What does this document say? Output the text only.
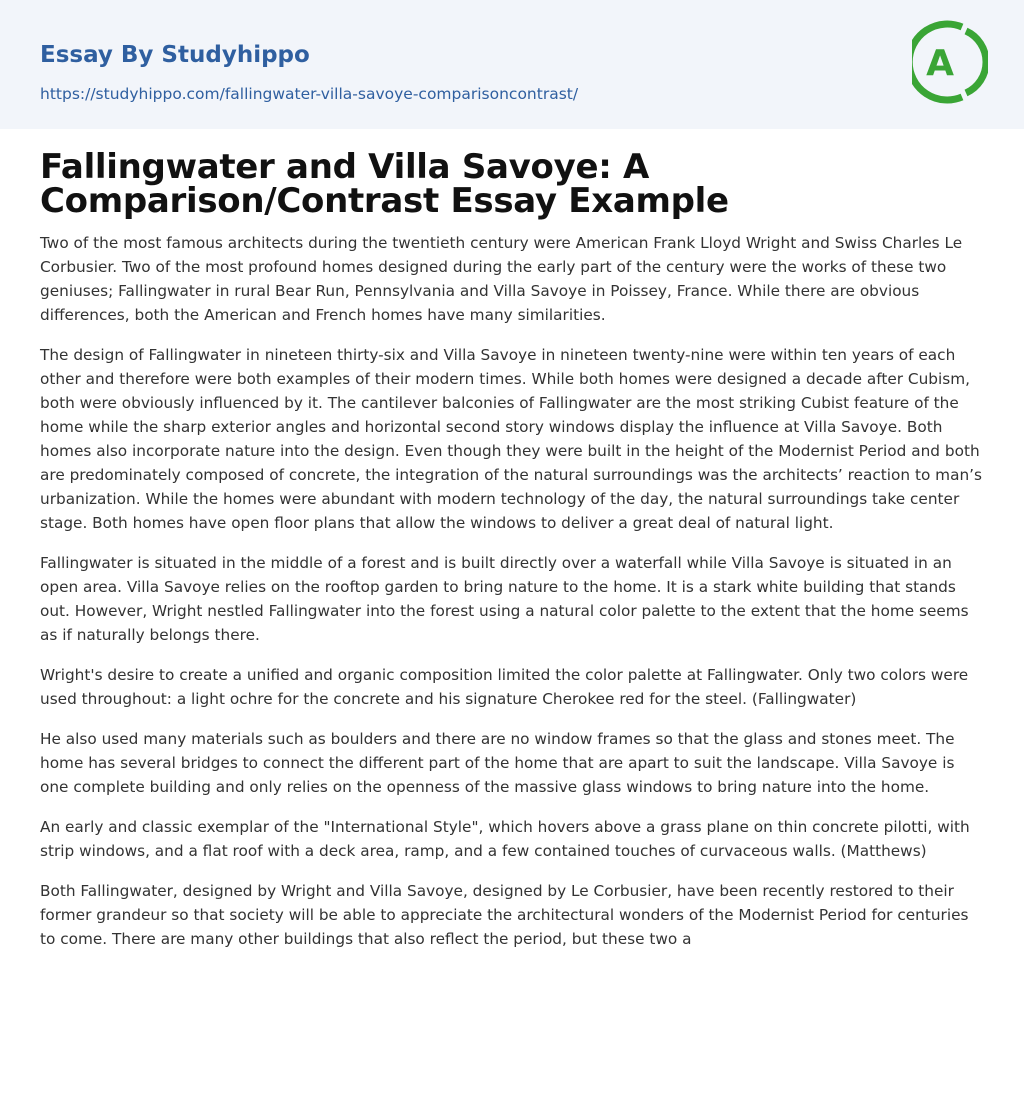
Essay By Studyhippo
https://studyhippo.com/fallingwater-villa-savoye-comparisoncontrast/
A
Fallingwater and Villa Savoye: A Comparison/Contrast Essay Example

Two of the most famous architects during the twentieth century were American Frank Lloyd Wright and Swiss Charles Le Corbusier. Two of the most profound homes designed during the early part of the century were the works of these two geniuses; Fallingwater in rural Bear Run, Pennsylvania and Villa Savoye in Poissey, France. While there are obvious differences, both the American and French homes have many similarities.

The design of Fallingwater in nineteen thirty-six and Villa Savoye in nineteen twenty-nine were within ten years of each other and therefore were both examples of their modern times. While both homes were designed a decade after Cubism, both were obviously influenced by it. The cantilever balconies of Fallingwater are the most striking Cubist feature of the home while the sharp exterior angles and horizontal second story windows display the influence at Villa Savoye. Both homes also incorporate nature into the design. Even though they were built in the height of the Modernist Period and both are predominately composed of concrete, the integration of the natural surroundings was the architects’ reaction to man’s urbanization. While the homes were abundant with modern technology of the day, the natural surroundings take center stage. Both homes have open floor plans that allow the windows to deliver a great deal of natural light.

Fallingwater is situated in the middle of a forest and is built directly over a waterfall while Villa Savoye is situated in an open area. Villa Savoye relies on the rooftop garden to bring nature to the home. It is a stark white building that stands out. However, Wright nestled Fallingwater into the forest using a natural color palette to the extent that the home seems as if naturally belongs there.

Wright's desire to create a unified and organic composition limited the color palette at Fallingwater. Only two colors were used throughout: a light ochre for the concrete and his signature Cherokee red for the steel. (Fallingwater)

He also used many materials such as boulders and there are no window frames so that the glass and stones meet. The home has several bridges to connect the different part of the home that are apart to suit the landscape. Villa Savoye is one complete building and only relies on the openness of the massive glass windows to bring nature into the home.

An early and classic exemplar of the "International Style", which hovers above a grass plane on thin concrete pilotti, with strip windows, and a flat roof with a deck area, ramp, and a few contained touches of curvaceous walls. (Matthews)

Both Fallingwater, designed by Wright and Villa Savoye, designed by Le Corbusier, have been recently restored to their former grandeur so that society will be able to appreciate the architectural wonders of the Modernist Period for centuries to come. There are many other buildings that also reflect the period, but these two a
